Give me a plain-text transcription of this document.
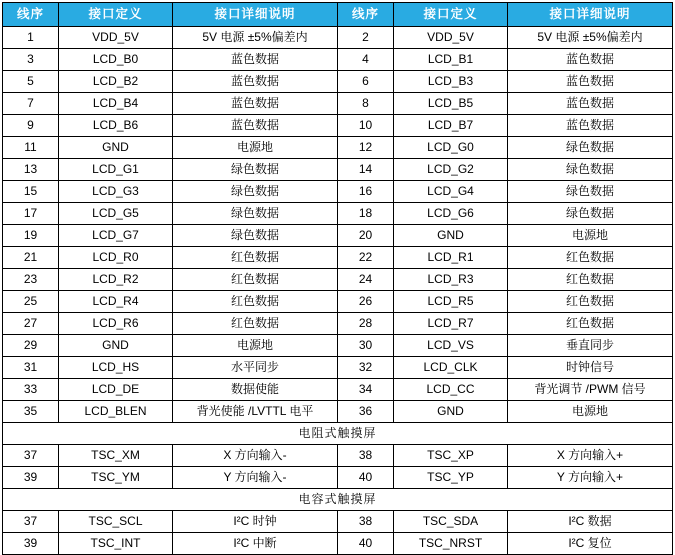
线序	接口定义	接口详细说明	线序	接口定义	接口详细说明
1	VDD_5V	5V 电源 ±5%偏差内	2	VDD_5V	5V 电源 ±5%偏差内
3	LCD_B0	蓝色数据	4	LCD_B1	蓝色数据
5	LCD_B2	蓝色数据	6	LCD_B3	蓝色数据
7	LCD_B4	蓝色数据	8	LCD_B5	蓝色数据
9	LCD_B6	蓝色数据	10	LCD_B7	蓝色数据
11	GND	电源地	12	LCD_G0	绿色数据
13	LCD_G1	绿色数据	14	LCD_G2	绿色数据
15	LCD_G3	绿色数据	16	LCD_G4	绿色数据
17	LCD_G5	绿色数据	18	LCD_G6	绿色数据
19	LCD_G7	绿色数据	20	GND	电源地
21	LCD_R0	红色数据	22	LCD_R1	红色数据
23	LCD_R2	红色数据	24	LCD_R3	红色数据
25	LCD_R4	红色数据	26	LCD_R5	红色数据
27	LCD_R6	红色数据	28	LCD_R7	红色数据
29	GND	电源地	30	LCD_VS	垂直同步
31	LCD_HS	水平同步	32	LCD_CLK	时钟信号
33	LCD_DE	数据使能	34	LCD_CC	背光调节 /PWM 信号
35	LCD_BLEN	背光使能 /LVTTL 电平	36	GND	电源地
电阻式触摸屏					
37	TSC_XM	X 方向输入-	38	TSC_XP	X 方向输入+
39	TSC_YM	Y 方向输入-	40	TSC_YP	Y 方向输入+
电容式触摸屏					
37	TSC_SCL	I²C 时钟	38	TSC_SDA	I²C 数据
39	TSC_INT	I²C 中断	40	TSC_NRST	I²C 复位
